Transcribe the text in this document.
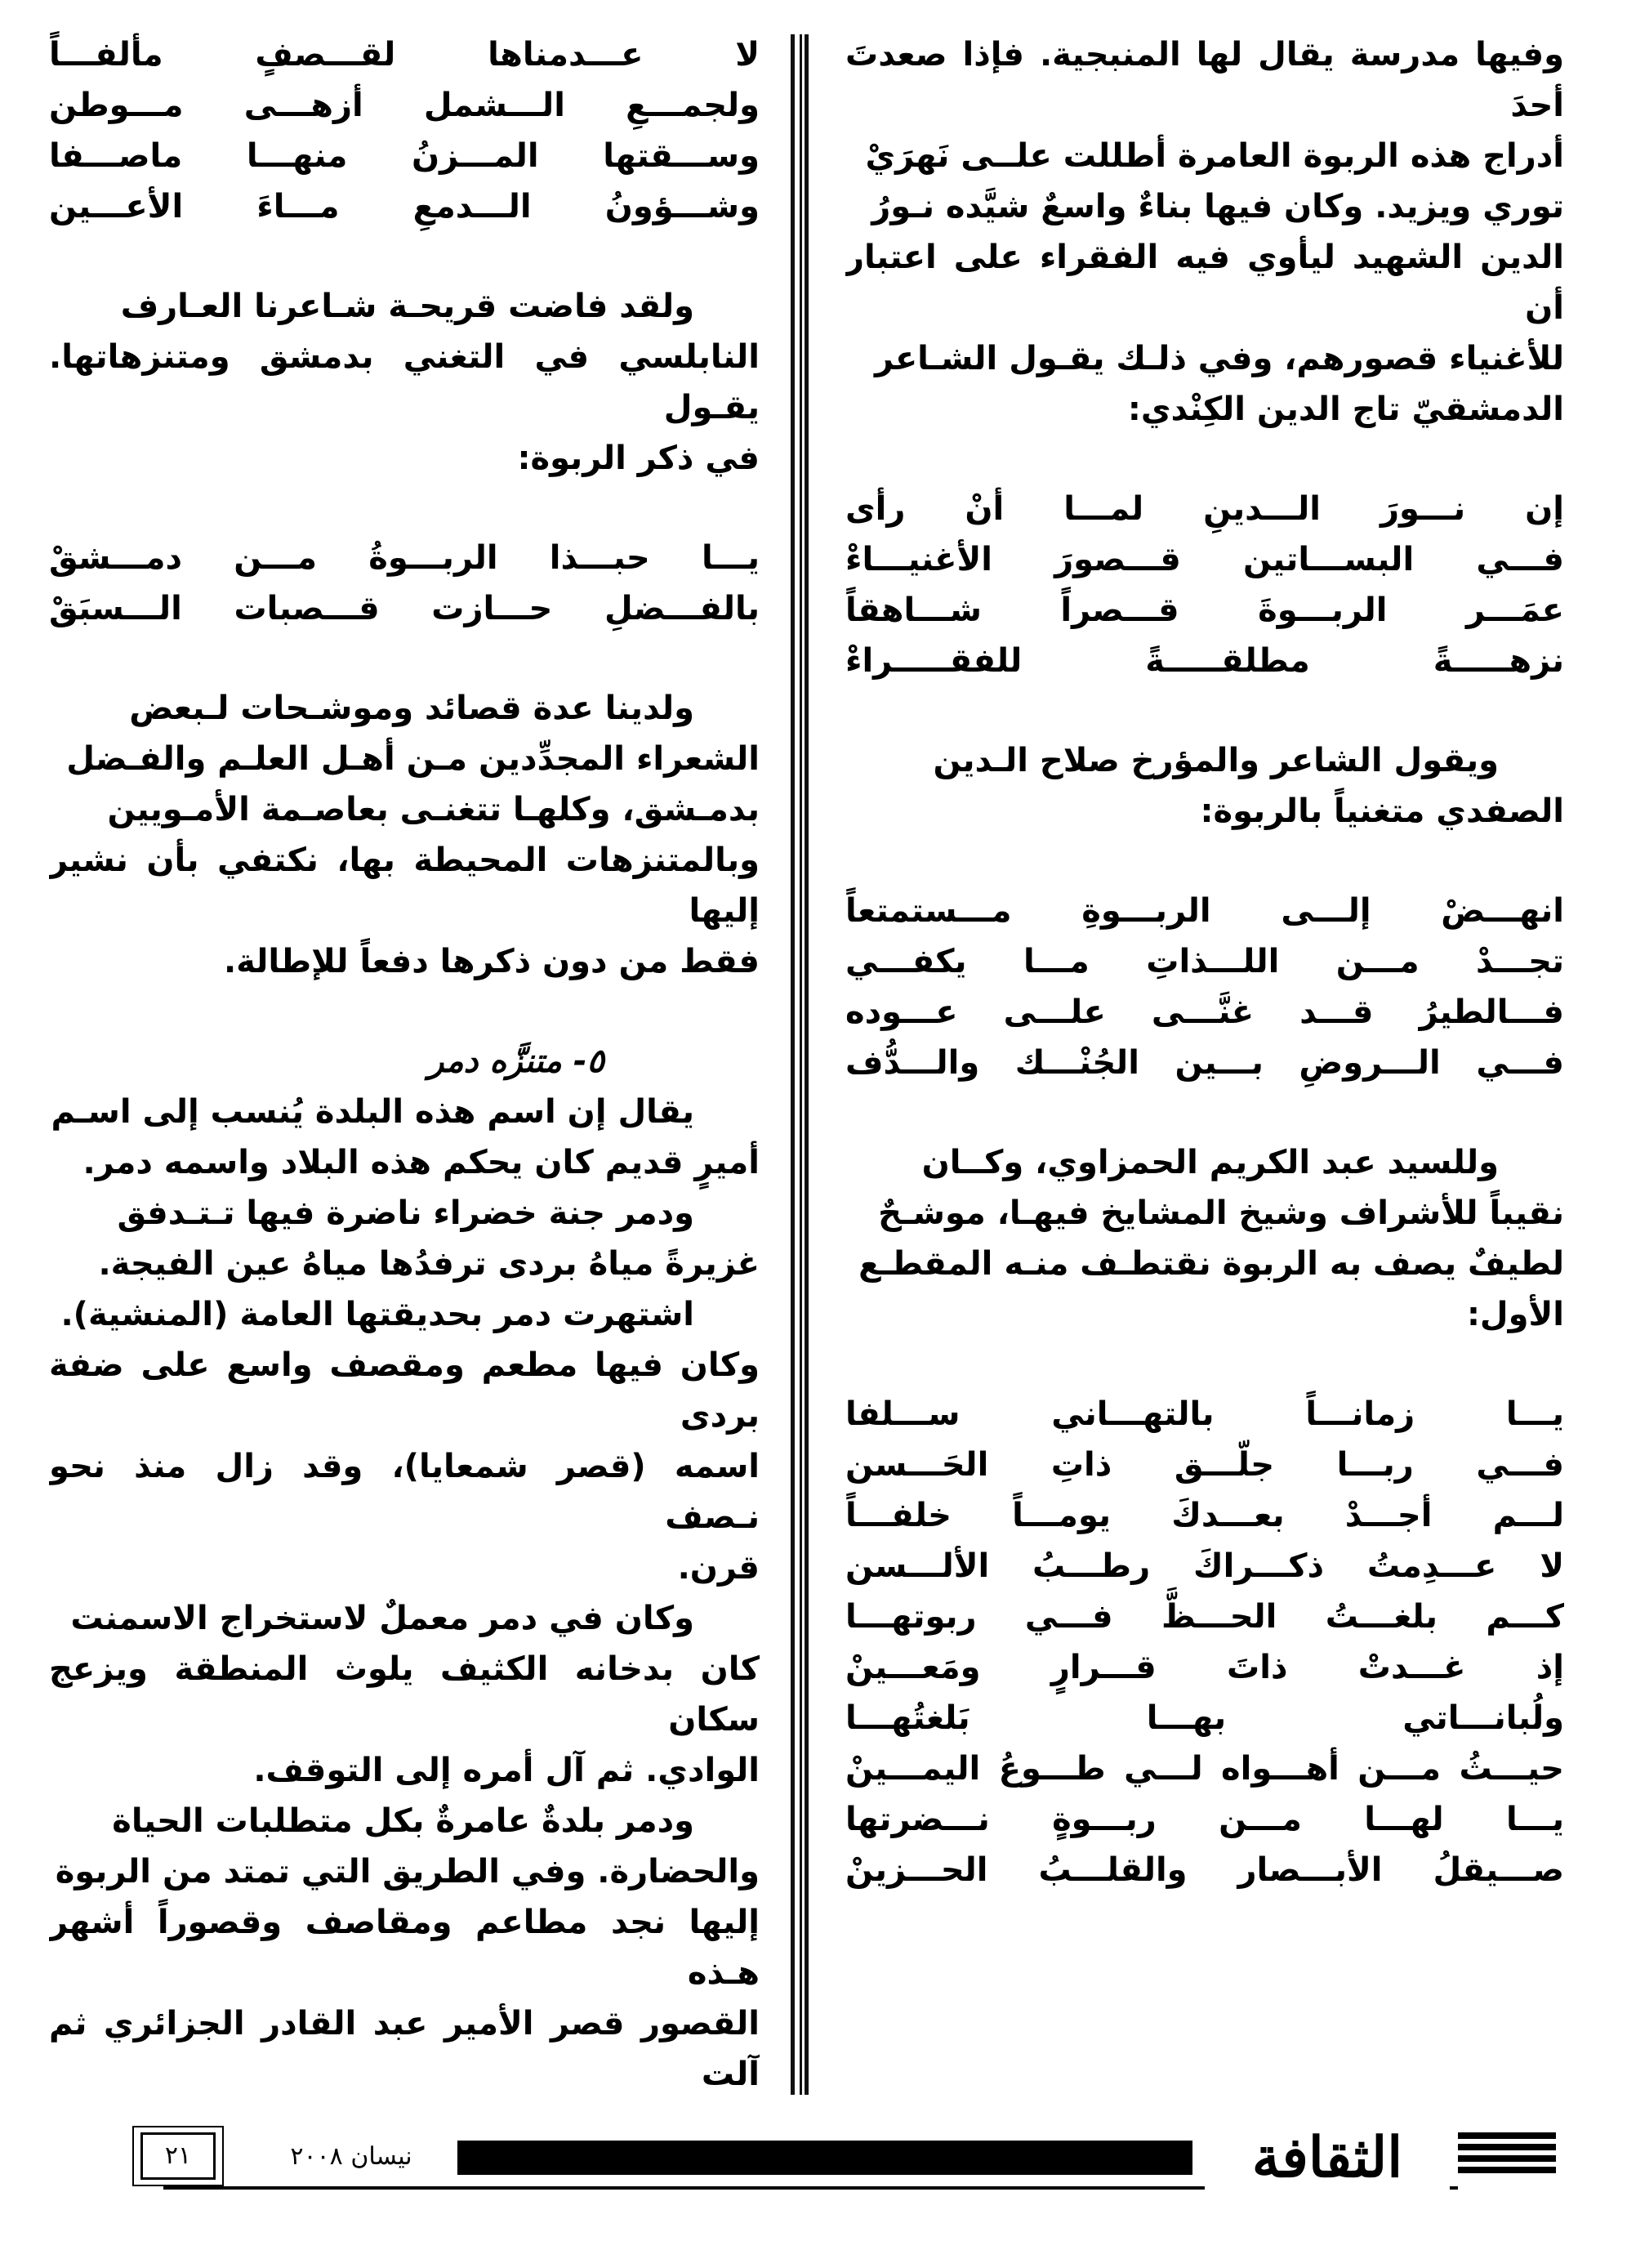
وفيها مدرسة يقال لها المنبجية. فإذا صعدتَ أحدَ
أدراج هذه الربوة العامرة أطللت علــى نَهرَيْ
توري ويزيد. وكان فيها بناءٌ واسعٌ شيَّده نـورُ
الدين الشهيد ليأوي فيه الفقراء على اعتبار أن
للأغنياء قصورهم، وفي ذلـك يقـول الشـاعر
الدمشقيّ تاج الدين الكِنْدي:

إن نـــورَ الـــدينِ لمـــا أنْ رأى
فـــي البســـاتين قـــصورَ الأغنيـــاءْ
عمَـــر الربـــوةَ قـــصراً شـــاهقاً
نزهـــــةً مطلقـــــةً للفقـــــراءْ

ويقول الشاعر والمؤرخ صلاح الـدين
الصفدي متغنياً بالربوة:

انهـــضْ إلـــى الربـــوةِ مـــستمتعاً
تجـــدْ مـــن اللـــذاتِ مـــا يكفـــي
فـــالطيرُ قـــد غنَّـــى علـــى عـــوده
فـــي الـــروضِ بـــين الجُنْـــك والـــدُّف

وللسيد عبد الكريم الحمزاوي، وكــان
نقيباً للأشراف وشيخ المشايخ فيهـا، موشـحٌ
لطيفٌ يصف به الربوة نقتطـف منـه المقطـع
الأول:

يـــا زمانـــاً بالتهـــاني ســـلفا
فـــي ربـــا جلّـــق ذاتِ الحَـــسن
لـــم أجـــدْ بعـــدكَ يومـــاً خلفـــاً
لا عـــدِمتُ ذكـــراكَ رطـــبُ الألـــسن
كـــم بلغـــتُ الحـــظَّ فـــي ربوتهـــا
إذ غـــدتْ ذاتَ قـــرارٍ ومَعـــينْ
ولُبانـــاتي بهـــا بَلغتُهـــا
حيـــثُ مـــن أهـــواه لـــي طـــوعُ اليمـــينْ
يـــا لهـــا مـــن ربـــوةٍ نـــضرتها
صـــيقلُ الأبـــصار والقلـــبُ الحـــزينْ
لا عـــدمناها لقـــصفٍ مألفـــاً
ولجمـــعِ الـــشمل أزهـــى مـــوطن
وســـقتها المـــزنُ منهـــا ماصـــفا
وشـــؤونُ الـــدمعِ مـــاءَ الأعـــين

ولقد فاضت قريحـة شـاعرنا العـارف
النابلسي في التغني بدمشق ومتنزهاتها. يقـول
في ذكر الربوة:

يـــا حبـــذا الربـــوةُ مـــن دمـــشقْ
بالفـــضلِ حـــازت قـــصبات الـــسبَقْ

ولدينا عدة قصائد وموشـحات لـبعض
الشعراء المجدِّدين مـن أهـل العلـم والفـضل
بدمـشق، وكلهـا تتغنـى بعاصـمة الأمـويين
وبالمتنزهات المحيطة بها، نكتفي بأن نشير إليها
فقط من دون ذكرها دفعاً للإطالة.

٥- متنزَّه دمر

يقال إن اسم هذه البلدة يُنسب إلى اسـم
أميرٍ قديم كان يحكم هذه البلاد واسمه دمر.

ودمر جنة خضراء ناضرة فيها تـتـدفق
غزيرةً مياهُ بردى ترفدُها مياهُ عين الفيجة.

اشتهرت دمر بحديقتها العامة (المنشية).
وكان فيها مطعم ومقصف واسع على ضفة بردى
اسمه (قصر شمعايا)، وقد زال منذ نحو نـصف
قرن.

وكان في دمر معملٌ لاستخراج الاسمنت
كان بدخانه الكثيف يلوث المنطقة ويزعج سكان
الوادي. ثم آل أمره إلى التوقف.

ودمر بلدةٌ عامرةٌ بكل متطلبات الحياة
والحضارة. وفي الطريق التي تمتد من الربوة
إليها نجد مطاعم ومقاصف وقصوراً أشهر هـذه
القصور قصر الأمير عبد القادر الجزائري ثم آلت

الثقافة
نيسان ٢٠٠٨
٢١
